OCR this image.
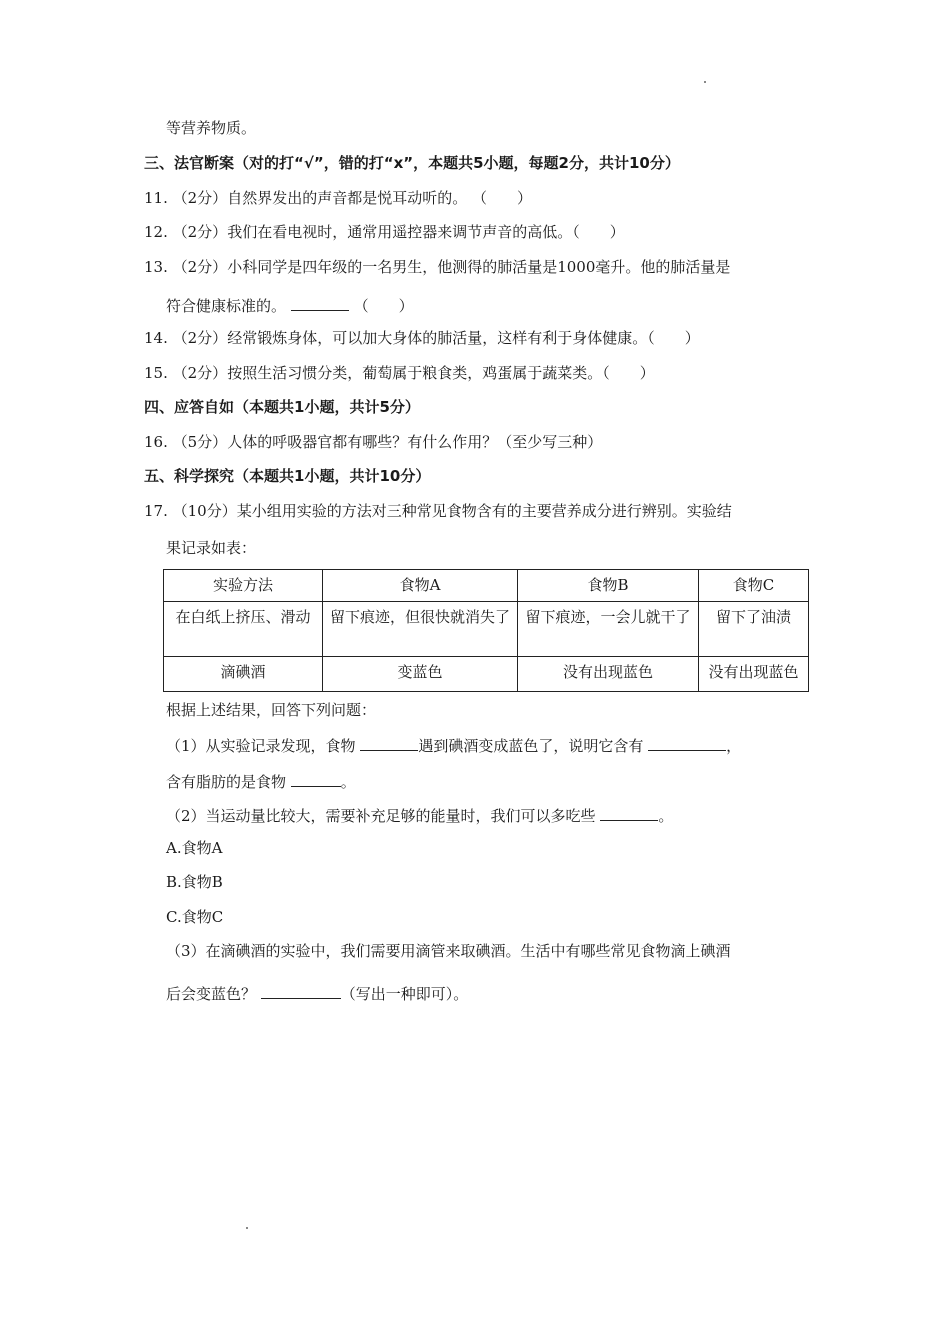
等营养物质。
三、法官断案（对的打“√”，错的打“x”，本题共5小题，每题2分，共计10分）
11. （2分）自然界发出的声音都是悦耳动听的。 （　　）
12. （2分）我们在看电视时，通常用遥控器来调节声音的高低。（　　）
13. （2分）小科同学是四年级的一名男生，他测得的肺活量是1000毫升。他的肺活量是
符合健康标准的。	（　　）
14. （2分）经常锻炼身体，可以加大身体的肺活量，这样有利于身体健康。（　　）
15. （2分）按照生活习惯分类，葡萄属于粮食类，鸡蛋属于蔬菜类。（　　）
四、应答自如（本题共1小题，共计5分）
16. （5分）人体的呼吸器官都有哪些？有什么作用？（至少写三种）
五、科学探究（本题共1小题，共计10分）
17. （10分）某小组用实验的方法对三种常见食物含有的主要营养成分进行辨别。实验结
果记录如表：
实验方法	食物A	食物B	食物C
在白纸上挤压、滑动	留下痕迹，但很快就消失了	留下痕迹，一会儿就干了	留下了油渍
滴碘酒	变蓝色	没有出现蓝色	没有出现蓝色
根据上述结果，回答下列问题：
（1）从实验记录发现，食物	遇到碘酒变成蓝色了，说明它含有	，
含有脂肪的是食物	。
（2）当运动量比较大，需要补充足够的能量时，我们可以多吃些	。
A.食物A
B.食物B
C.食物C
（3）在滴碘酒的实验中，我们需要用滴管来取碘酒。生活中有哪些常见食物滴上碘酒
后会变蓝色？	（写出一种即可）。
